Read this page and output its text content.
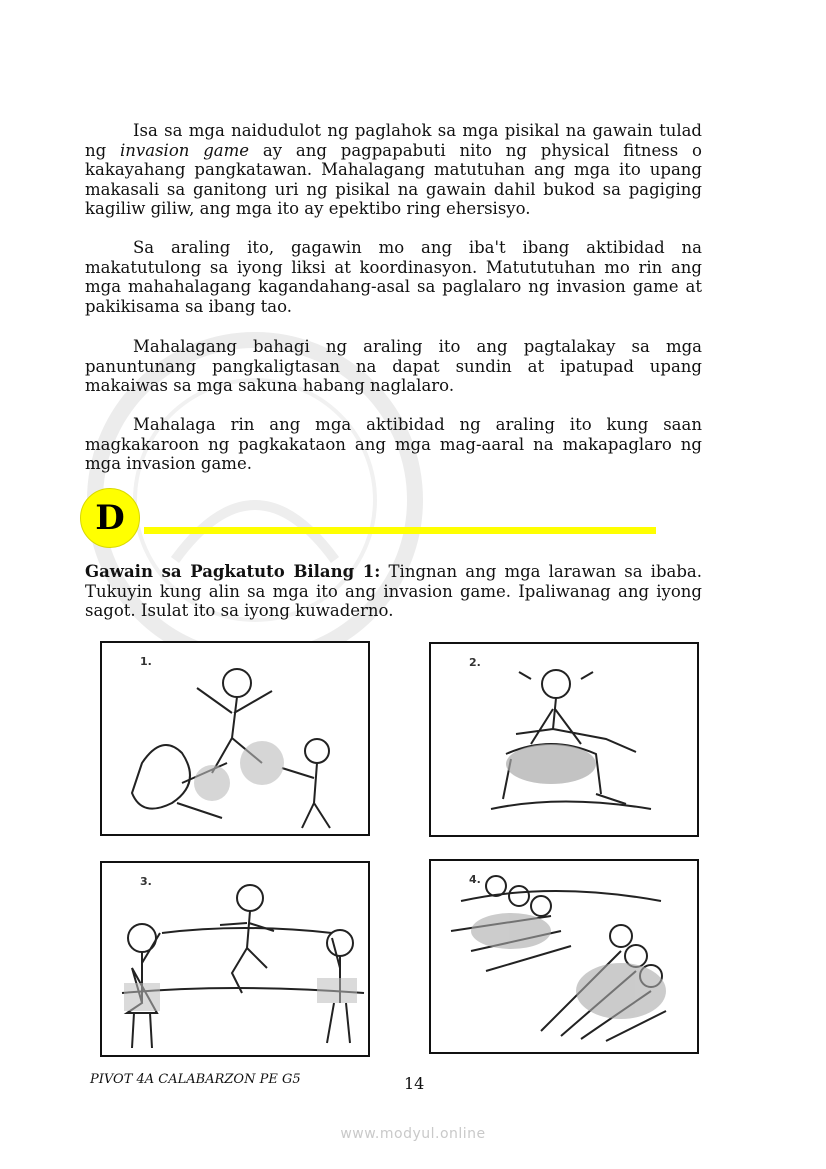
Isa sa mga naidudulot ng paglahok sa mga pisikal na gawain tulad ng invasion game ay ang pagpapabuti nito ng physical fitness o kakayahang pangkatawan. Mahalagang matutuhan ang mga ito upang makasali sa ganitong uri ng pisikal na gawain dahil bukod sa pagiging kagiliw giliw, ang mga ito ay epektibo ring ehersisyo.
Sa araling ito, gagawin mo ang iba't ibang aktibidad na makatutulong sa iyong liksi at koordinasyon. Matututuhan mo rin ang mga mahahalagang kagandahang-asal sa paglalaro ng invasion game at pakikisama sa ibang tao.
Mahalagang bahagi ng araling ito ang pagtalakay sa mga panuntunang pangkaligtasan na dapat sundin at ipatupad upang makaiwas sa mga sakuna habang naglalaro.
Mahalaga rin ang mga aktibidad ng araling ito kung saan magkakaroon ng pagkakataon ang mga mag-aaral na makapaglaro ng mga invasion game.
D
Gawain sa Pagkatuto Bilang 1: Tingnan ang mga larawan sa ibaba. Tukuyin kung alin sa mga ito ang invasion game. Ipaliwanag ang iyong sagot. Isulat ito sa iyong kuwaderno.
1.	2.
3.	4.
PIVOT 4A CALABARZON PE G5	14
www.modyul.online
